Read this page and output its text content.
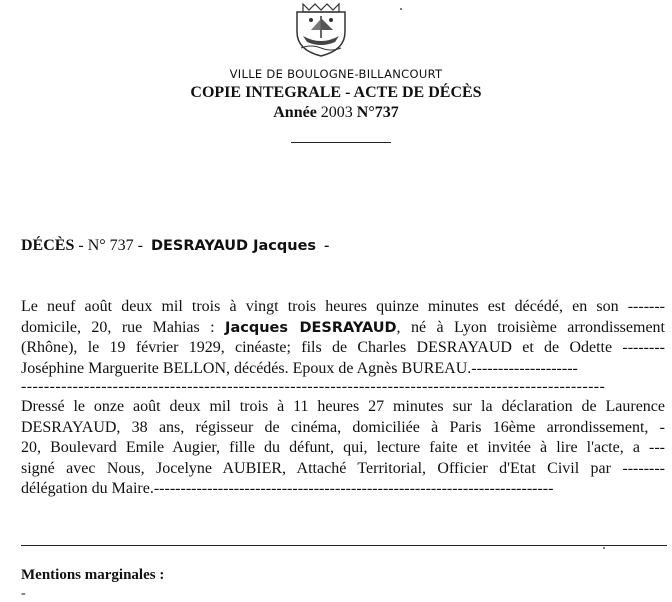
VILLE DE BOULOGNE-BILLANCOURT
COPIE INTEGRALE - ACTE DE DÉCÈS
Année 2003 N°737
DÉCÈS - N° 737 -  DESRAYAUD Jacques  -
Le neuf août deux mil trois à vingt trois heures quinze minutes est décédé, en son -------
domicile, 20, rue Mahias : Jacques DESRAYAUD, né à Lyon troisième arrondissement
(Rhône), le 19 février 1929, cinéaste; fils de Charles DESRAYAUD et de Odette --------
Joséphine Marguerite BELLON, décédés. Epoux de Agnès BUREAU.--------------------
------------------------------------------------------------------------------------------------------
Dressé le onze août deux mil trois à 11 heures 27 minutes sur la déclaration de Laurence
DESRAYAUD, 38 ans, régisseur de cinéma, domiciliée à Paris 16ème arrondissement, -
20, Boulevard Emile Augier, fille du défunt, qui, lecture faite et invitée à lire l'acte, a ---
signé avec Nous, Jocelyne AUBIER, Attaché Territorial, Officier d'Etat Civil par --------
délégation du Maire.---------------------------------------------------------------------------
Mentions marginales :
-
